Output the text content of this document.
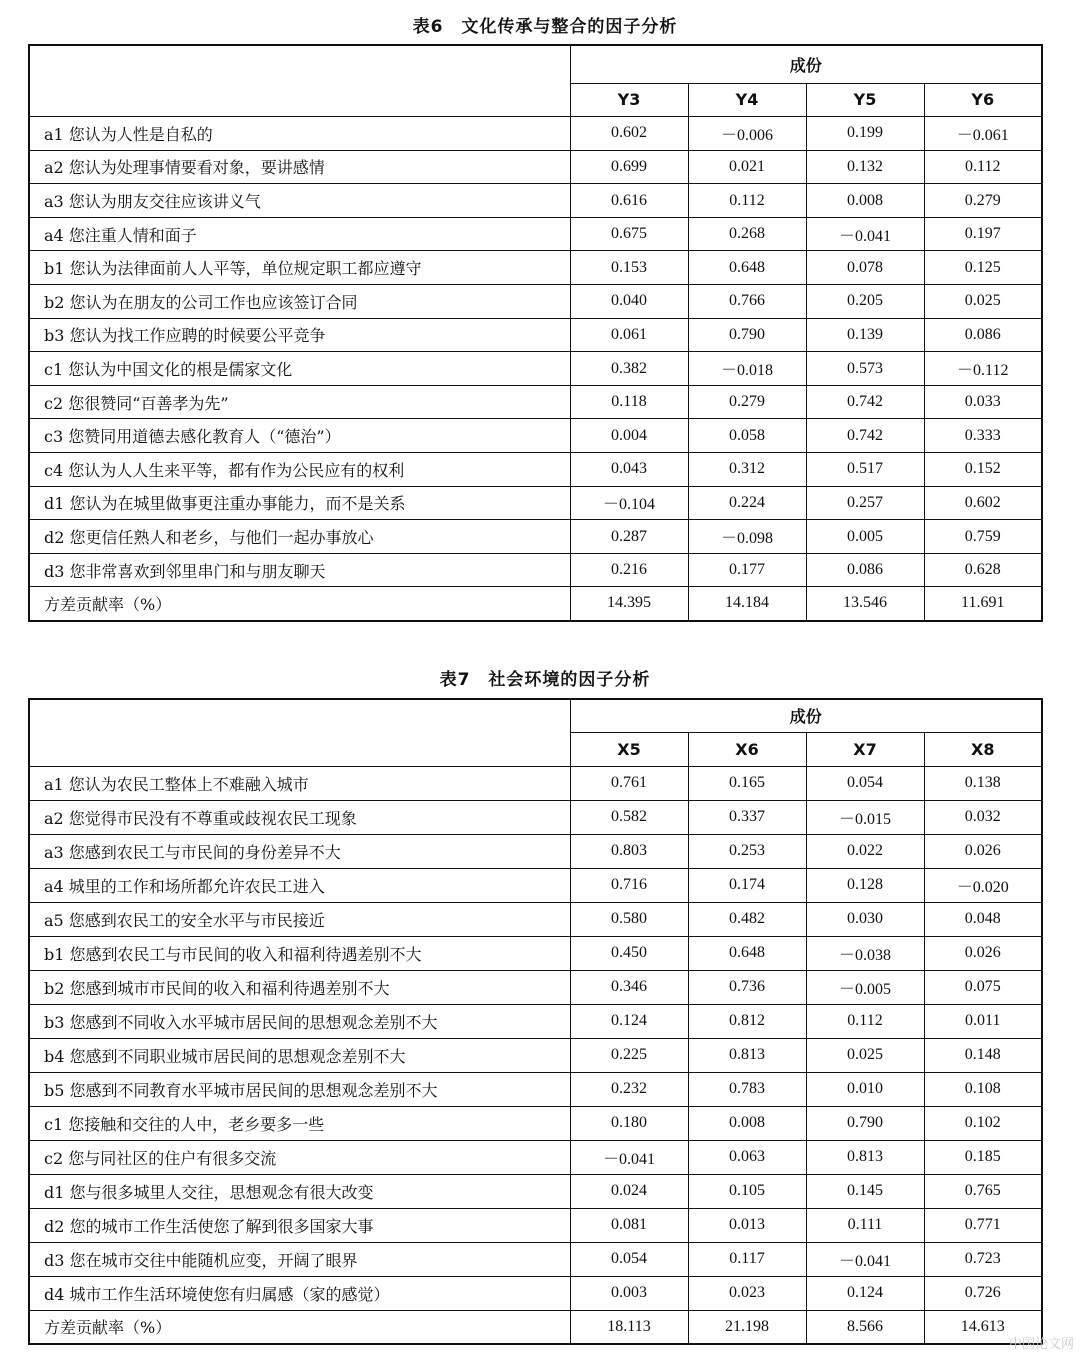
表6 文化传承与整合的因子分析
	成份			
	Y3	Y4	Y5	Y6
a1 您认为人性是自私的	0.602	－0.006	0.199	－0.061
a2 您认为处理事情要看对象，要讲感情	0.699	0.021	0.132	0.112
a3 您认为朋友交往应该讲义气	0.616	0.112	0.008	0.279
a4 您注重人情和面子	0.675	0.268	－0.041	0.197
b1 您认为法律面前人人平等，单位规定职工都应遵守	0.153	0.648	0.078	0.125
b2 您认为在朋友的公司工作也应该签订合同	0.040	0.766	0.205	0.025
b3 您认为找工作应聘的时候要公平竞争	0.061	0.790	0.139	0.086
c1 您认为中国文化的根是儒家文化	0.382	－0.018	0.573	－0.112
c2 您很赞同“百善孝为先”	0.118	0.279	0.742	0.033
c3 您赞同用道德去感化教育人（“德治”）	0.004	0.058	0.742	0.333
c4 您认为人人生来平等，都有作为公民应有的权利	0.043	0.312	0.517	0.152
d1 您认为在城里做事更注重办事能力，而不是关系	－0.104	0.224	0.257	0.602
d2 您更信任熟人和老乡，与他们一起办事放心	0.287	－0.098	0.005	0.759
d3 您非常喜欢到邻里串门和与朋友聊天	0.216	0.177	0.086	0.628
方差贡献率（%）	14.395	14.184	13.546	11.691
表7 社会环境的因子分析
	成份			
	X5	X6	X7	X8
a1 您认为农民工整体上不难融入城市	0.761	0.165	0.054	0.138
a2 您觉得市民没有不尊重或歧视农民工现象	0.582	0.337	－0.015	0.032
a3 您感到农民工与市民间的身份差异不大	0.803	0.253	0.022	0.026
a4 城里的工作和场所都允许农民工进入	0.716	0.174	0.128	－0.020
a5 您感到农民工的安全水平与市民接近	0.580	0.482	0.030	0.048
b1 您感到农民工与市民间的收入和福利待遇差别不大	0.450	0.648	－0.038	0.026
b2 您感到城市市民间的收入和福利待遇差别不大	0.346	0.736	－0.005	0.075
b3 您感到不同收入水平城市居民间的思想观念差别不大	0.124	0.812	0.112	0.011
b4 您感到不同职业城市居民间的思想观念差别不大	0.225	0.813	0.025	0.148
b5 您感到不同教育水平城市居民间的思想观念差别不大	0.232	0.783	0.010	0.108
c1 您接触和交往的人中，老乡要多一些	0.180	0.008	0.790	0.102
c2 您与同社区的住户有很多交流	－0.041	0.063	0.813	0.185
d1 您与很多城里人交往，思想观念有很大改变	0.024	0.105	0.145	0.765
d2 您的城市工作生活使您了解到很多国家大事	0.081	0.013	0.111	0.771
d3 您在城市交往中能随机应变，开阔了眼界	0.054	0.117	－0.041	0.723
d4 城市工作生活环境使您有归属感（家的感觉）	0.003	0.023	0.124	0.726
方差贡献率（%）	18.113	21.198	8.566	14.613
中国论文网
